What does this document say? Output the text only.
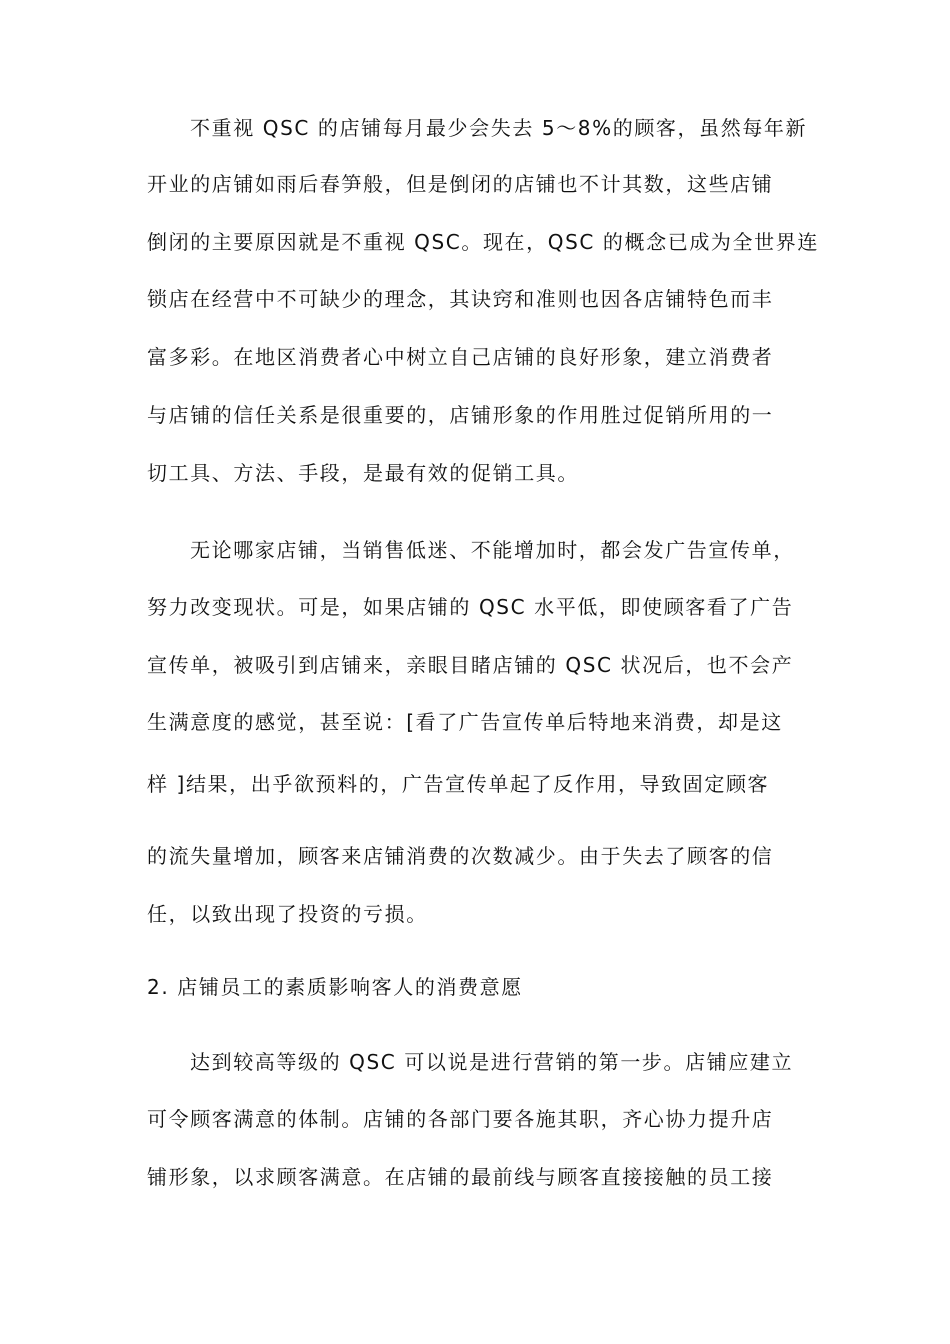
不重视 QSC 的店铺每月最少会失去 5～8%的顾客，虽然每年新
开业的店铺如雨后春笋般，但是倒闭的店铺也不计其数，这些店铺
倒闭的主要原因就是不重视 QSC。现在，QSC 的概念已成为全世界连
锁店在经营中不可缺少的理念，其诀窍和准则也因各店铺特色而丰
富多彩。在地区消费者心中树立自己店铺的良好形象，建立消费者
与店铺的信任关系是很重要的，店铺形象的作用胜过促销所用的一
切工具、方法、手段，是最有效的促销工具。
无论哪家店铺，当销售低迷、不能增加时，都会发广告宣传单，
努力改变现状。可是，如果店铺的 QSC 水平低，即使顾客看了广告
宣传单，被吸引到店铺来，亲眼目睹店铺的 QSC 状况后，也不会产
生满意度的感觉，甚至说：[看了广告宣传单后特地来消费，却是这
样 ]结果，出乎欲预料的，广告宣传单起了反作用，导致固定顾客
的流失量增加，顾客来店铺消费的次数减少。由于失去了顾客的信
任，以致出现了投资的亏损。
2. 店铺员工的素质影响客人的消费意愿
达到较高等级的 QSC 可以说是进行营销的第一步。店铺应建立
可令顾客满意的体制。店铺的各部门要各施其职，齐心协力提升店
铺形象，以求顾客满意。在店铺的最前线与顾客直接接触的员工接
